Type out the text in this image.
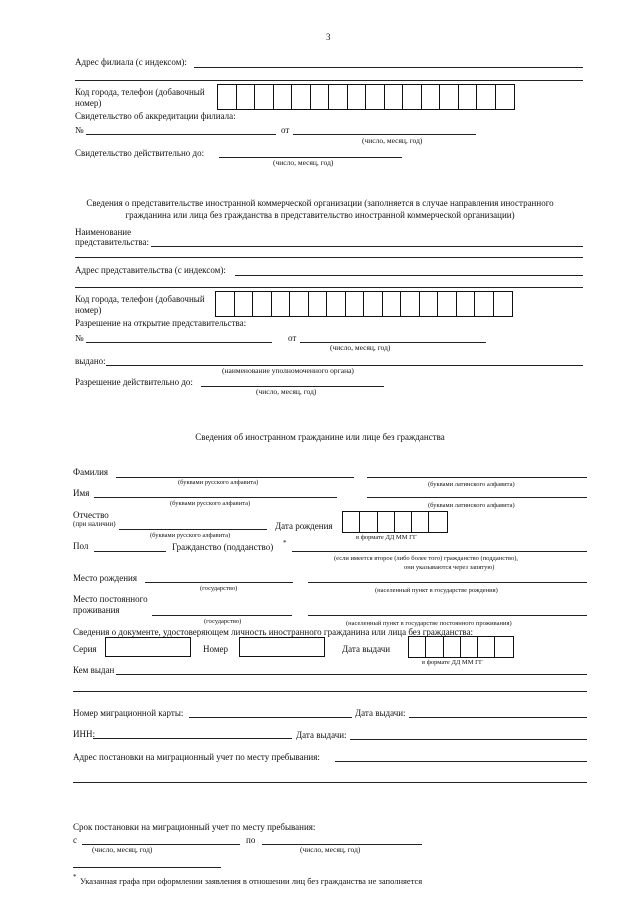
3
Адрес филиала (с индексом):
Код города, телефон (добавочный
номер)
Свидетельство об аккредитации филиала:
№	от
(число, месяц, год)
Свидетельство действительно до:
(число, месяц, год)
Сведения о представительстве иностранной коммерческой организации (заполняется в случае направления иностранного
гражданина или лица без гражданства в представительство иностранной коммерческой организации)
Наименование
представительства:
Адрес представительства (с индексом):
Код города, телефон (добавочный
номер)
Разрешение на открытие представительства:
№	от
(число, месяц, год)
выдано:
(наименование уполномоченного органа)
Разрешение действительно до:
(число, месяц, год)
Сведения об иностранном гражданине или лице без гражданства
Фамилия
(буквами русского алфавита)	(буквами латинского алфавита)
Имя
(буквами русского алфавита)	(буквами латинского алфавита)
Отчество
(при наличии)
(буквами русского алфавита)
Дата рождения
в формате ДД ММ ГГ
Пол	Гражданство (подданство) *
(если имеется второе (либо более того) гражданство (подданство),
они указываются через запятую)
Место рождения
(государство)	(населенный пункт в государстве рождения)
Место постоянного
проживания
(государство)	(населенный пункт в государстве постоянного проживания)
Сведения о документе, удостоверяющем личность иностранного гражданина или лица без гражданства:
Серия	Номер	Дата выдачи
в формате ДД ММ ГГ
Кем выдан
Номер миграционной карты:	Дата выдачи:
ИНН:	Дата выдачи:
Адрес постановки на миграционный учет по месту пребывания:
Срок постановки на миграционный учет по месту пребывания:
с	по
(число, месяц, год)	(число, месяц, год)
* Указанная графа при оформлении заявления в отношении лиц без гражданства не заполняется
